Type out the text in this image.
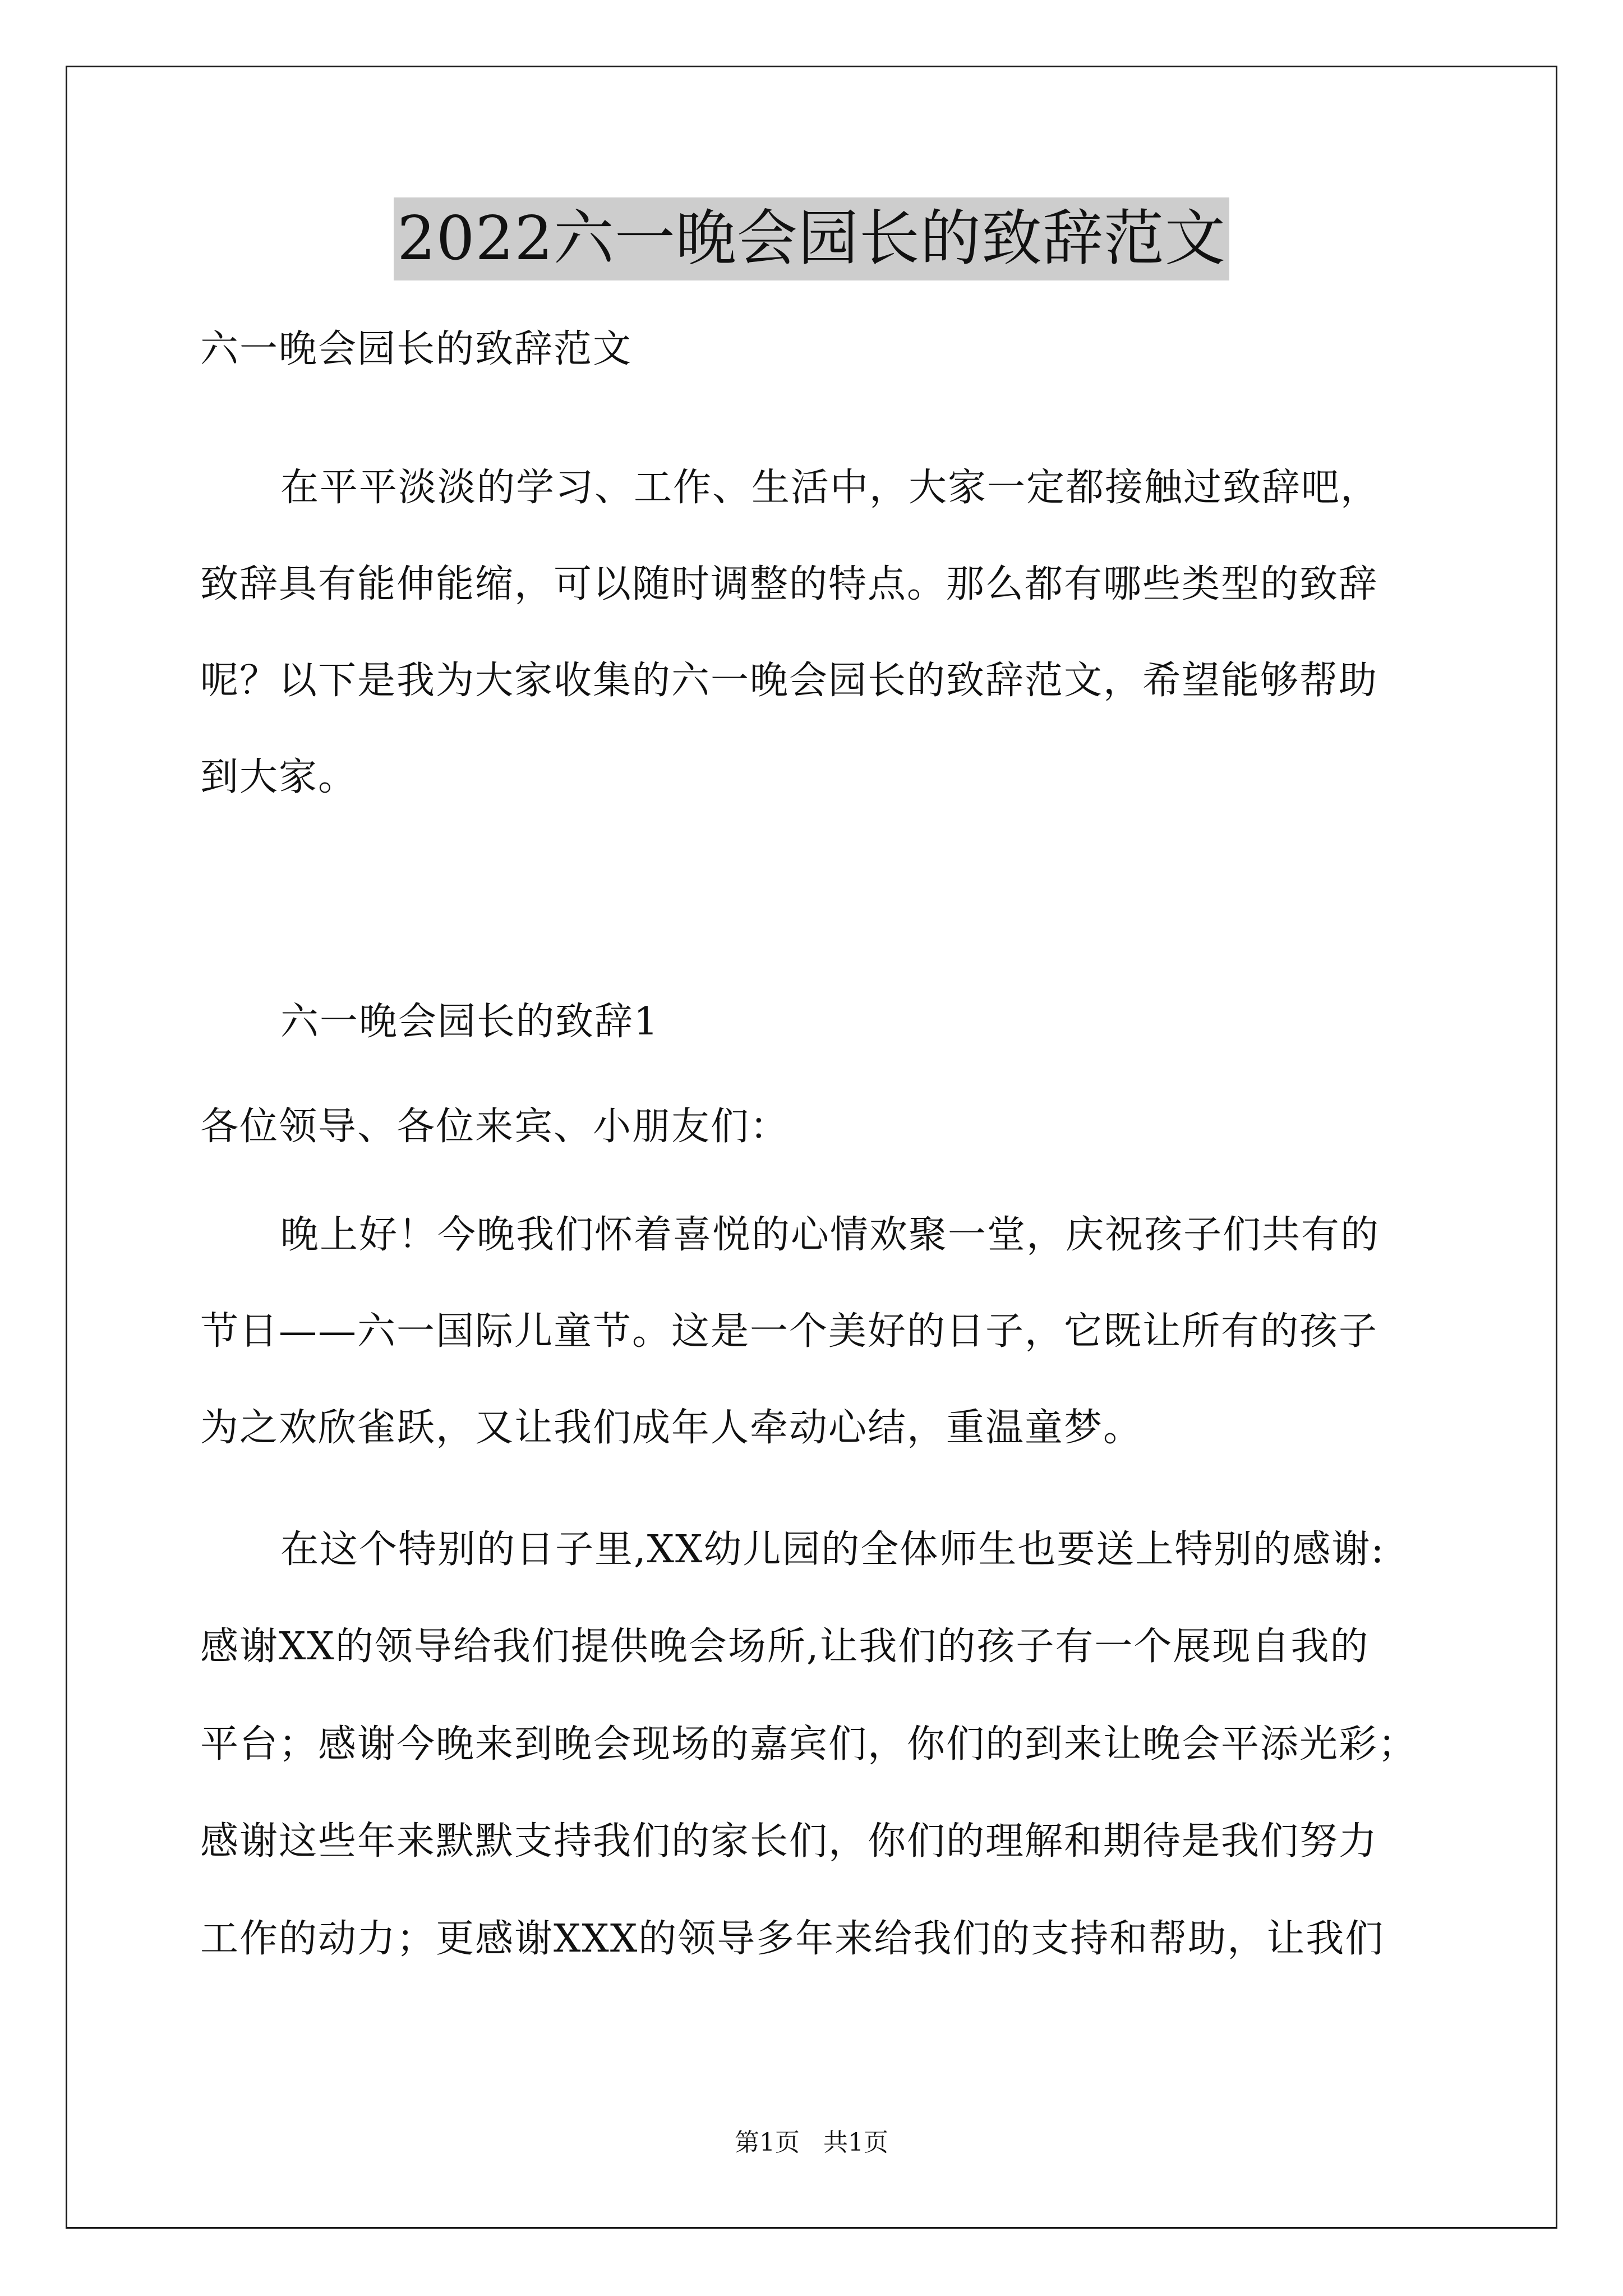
2022六一晚会园长的致辞范文
六一晚会园长的致辞范文
在平平淡淡的学习、工作、生活中，大家一定都接触过致辞吧，
致辞具有能伸能缩，可以随时调整的特点。那么都有哪些类型的致辞
呢？以下是我为大家收集的六一晚会园长的致辞范文，希望能够帮助
到大家。
六一晚会园长的致辞1
各位领导、各位来宾、小朋友们：
晚上好！今晚我们怀着喜悦的心情欢聚一堂，庆祝孩子们共有的
节日——六一国际儿童节。这是一个美好的日子，它既让所有的孩子
为之欢欣雀跃，又让我们成年人牵动心结，重温童梦。
在这个特别的日子里,XX幼儿园的全体师生也要送上特别的感谢:
感谢XX的领导给我们提供晚会场所,让我们的孩子有一个展现自我的
平台；感谢今晚来到晚会现场的嘉宾们，你们的到来让晚会平添光彩；
感谢这些年来默默支持我们的家长们，你们的理解和期待是我们努力
工作的动力；更感谢XXX的领导多年来给我们的支持和帮助，让我们
第1页   共1页
